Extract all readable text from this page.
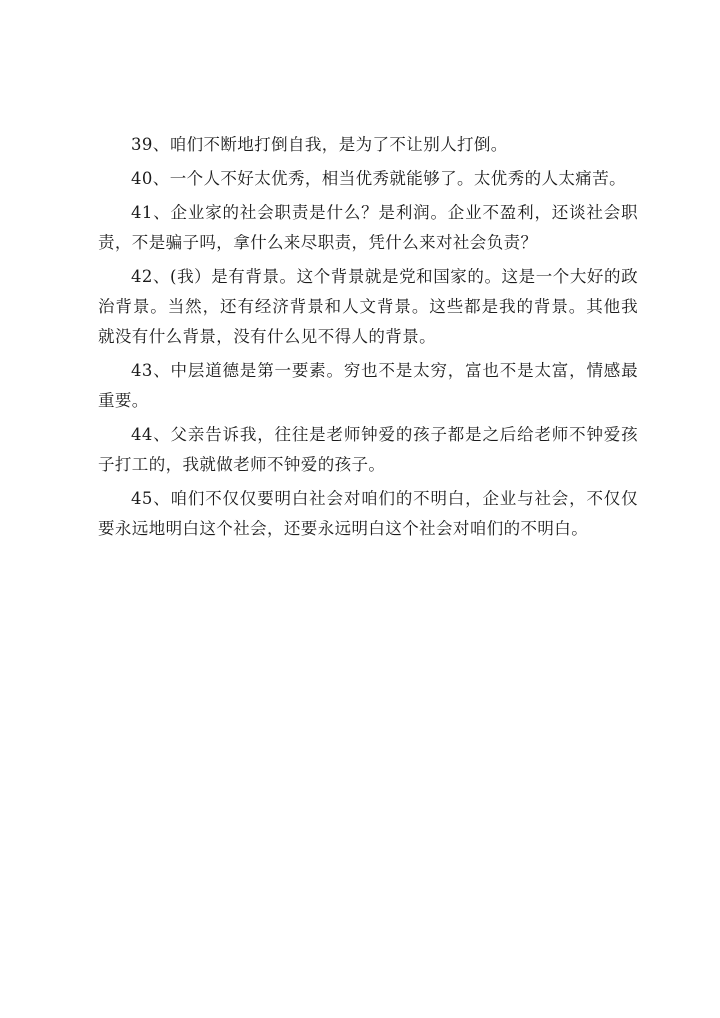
39、咱们不断地打倒自我，是为了不让别人打倒。

40、一个人不好太优秀，相当优秀就能够了。太优秀的人太痛苦。

41、企业家的社会职责是什么？是利润。企业不盈利，还谈社会职责，不是骗子吗，拿什么来尽职责，凭什么来对社会负责？

42、(我）是有背景。这个背景就是党和国家的。这是一个大好的政治背景。当然，还有经济背景和人文背景。这些都是我的背景。其他我就没有什么背景，没有什么见不得人的背景。

43、中层道德是第一要素。穷也不是太穷，富也不是太富，情感最重要。

44、父亲告诉我，往往是老师钟爱的孩子都是之后给老师不钟爱孩子打工的，我就做老师不钟爱的孩子。

45、咱们不仅仅要明白社会对咱们的不明白，企业与社会，不仅仅要永远地明白这个社会，还要永远明白这个社会对咱们的不明白。
